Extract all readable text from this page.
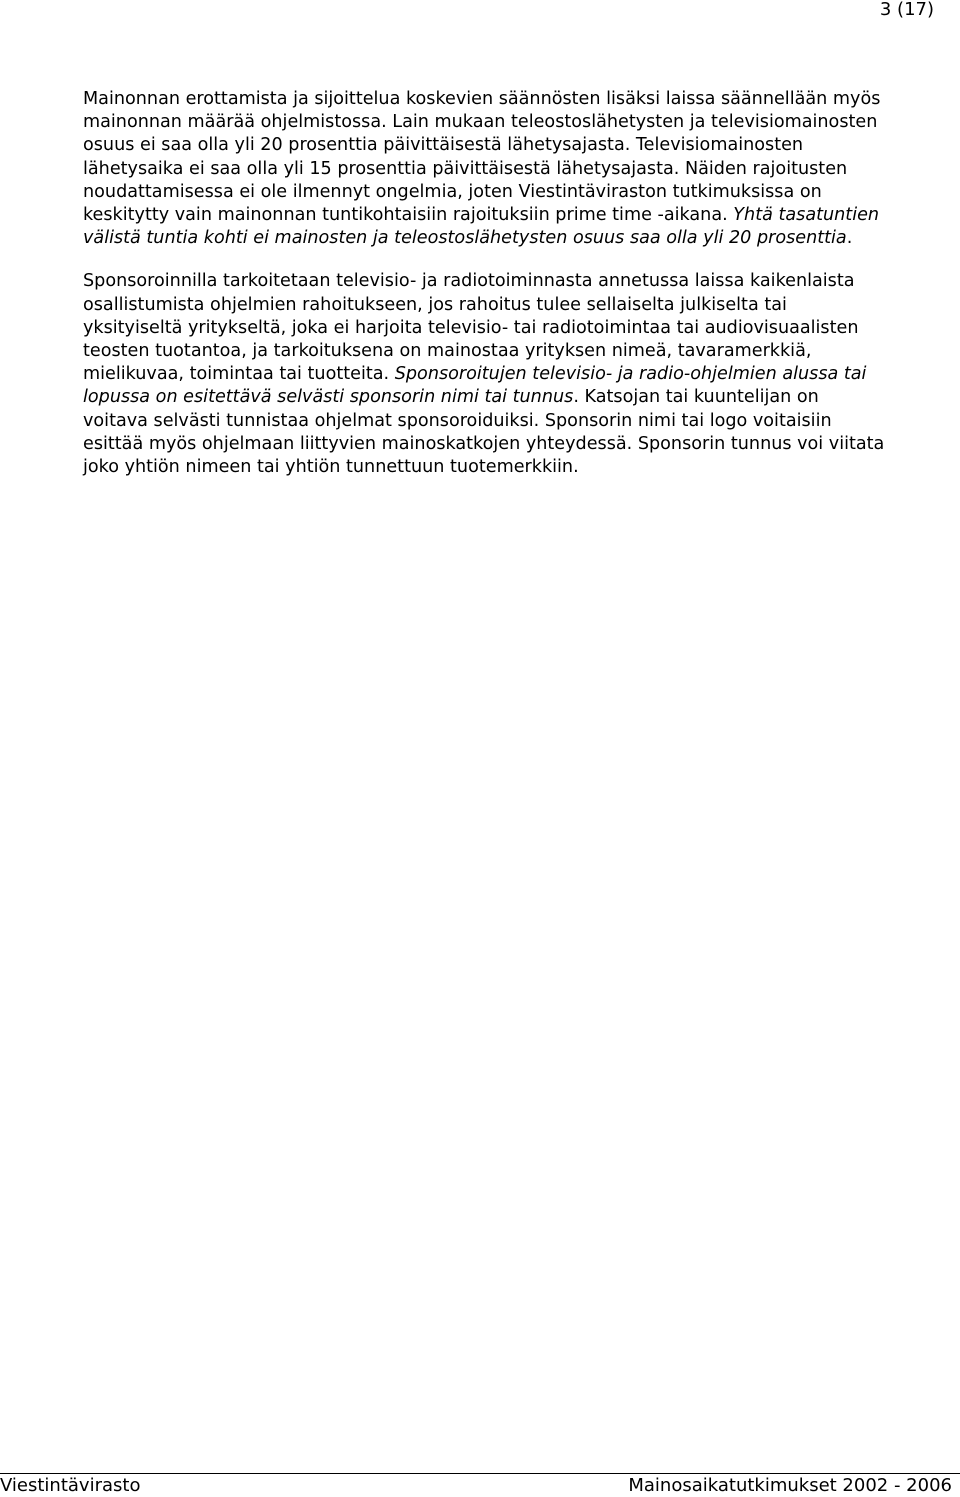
3 (17)

Mainonnan erottamista ja sijoittelua koskevien säännösten lisäksi laissa säännellään myös
mainonnan määrää ohjelmistossa. Lain mukaan teleostoslähetysten ja televisiomainosten
osuus ei saa olla yli 20 prosenttia päivittäisestä lähetysajasta. Televisiomainosten
lähetysaika ei saa olla yli 15 prosenttia päivittäisestä lähetysajasta. Näiden rajoitusten
noudattamisessa ei ole ilmennyt ongelmia, joten Viestintäviraston tutkimuksissa on
keskitytty vain mainonnan tuntikohtaisiin rajoituksiin prime time -aikana. Yhtä tasatuntien
välistä tuntia kohti ei mainosten ja teleostoslähetysten osuus saa olla yli 20 prosenttia.

Sponsoroinnilla tarkoitetaan televisio- ja radiotoiminnasta annetussa laissa kaikenlaista
osallistumista ohjelmien rahoitukseen, jos rahoitus tulee sellaiselta julkiselta tai
yksityiseltä yritykseltä, joka ei harjoita televisio- tai radiotoimintaa tai audiovisuaalisten
teosten tuotantoa, ja tarkoituksena on mainostaa yrityksen nimeä, tavaramerkkiä,
mielikuvaa, toimintaa tai tuotteita. Sponsoroitujen televisio- ja radio-ohjelmien alussa tai
lopussa on esitettävä selvästi sponsorin nimi tai tunnus. Katsojan tai kuuntelijan on
voitava selvästi tunnistaa ohjelmat sponsoroiduiksi. Sponsorin nimi tai logo voitaisiin
esittää myös ohjelmaan liittyvien mainoskatkojen yhteydessä. Sponsorin tunnus voi viitata
joko yhtiön nimeen tai yhtiön tunnettuun tuotemerkkiin.

Viestintävirasto	Mainosaikatutkimukset 2002 - 2006
